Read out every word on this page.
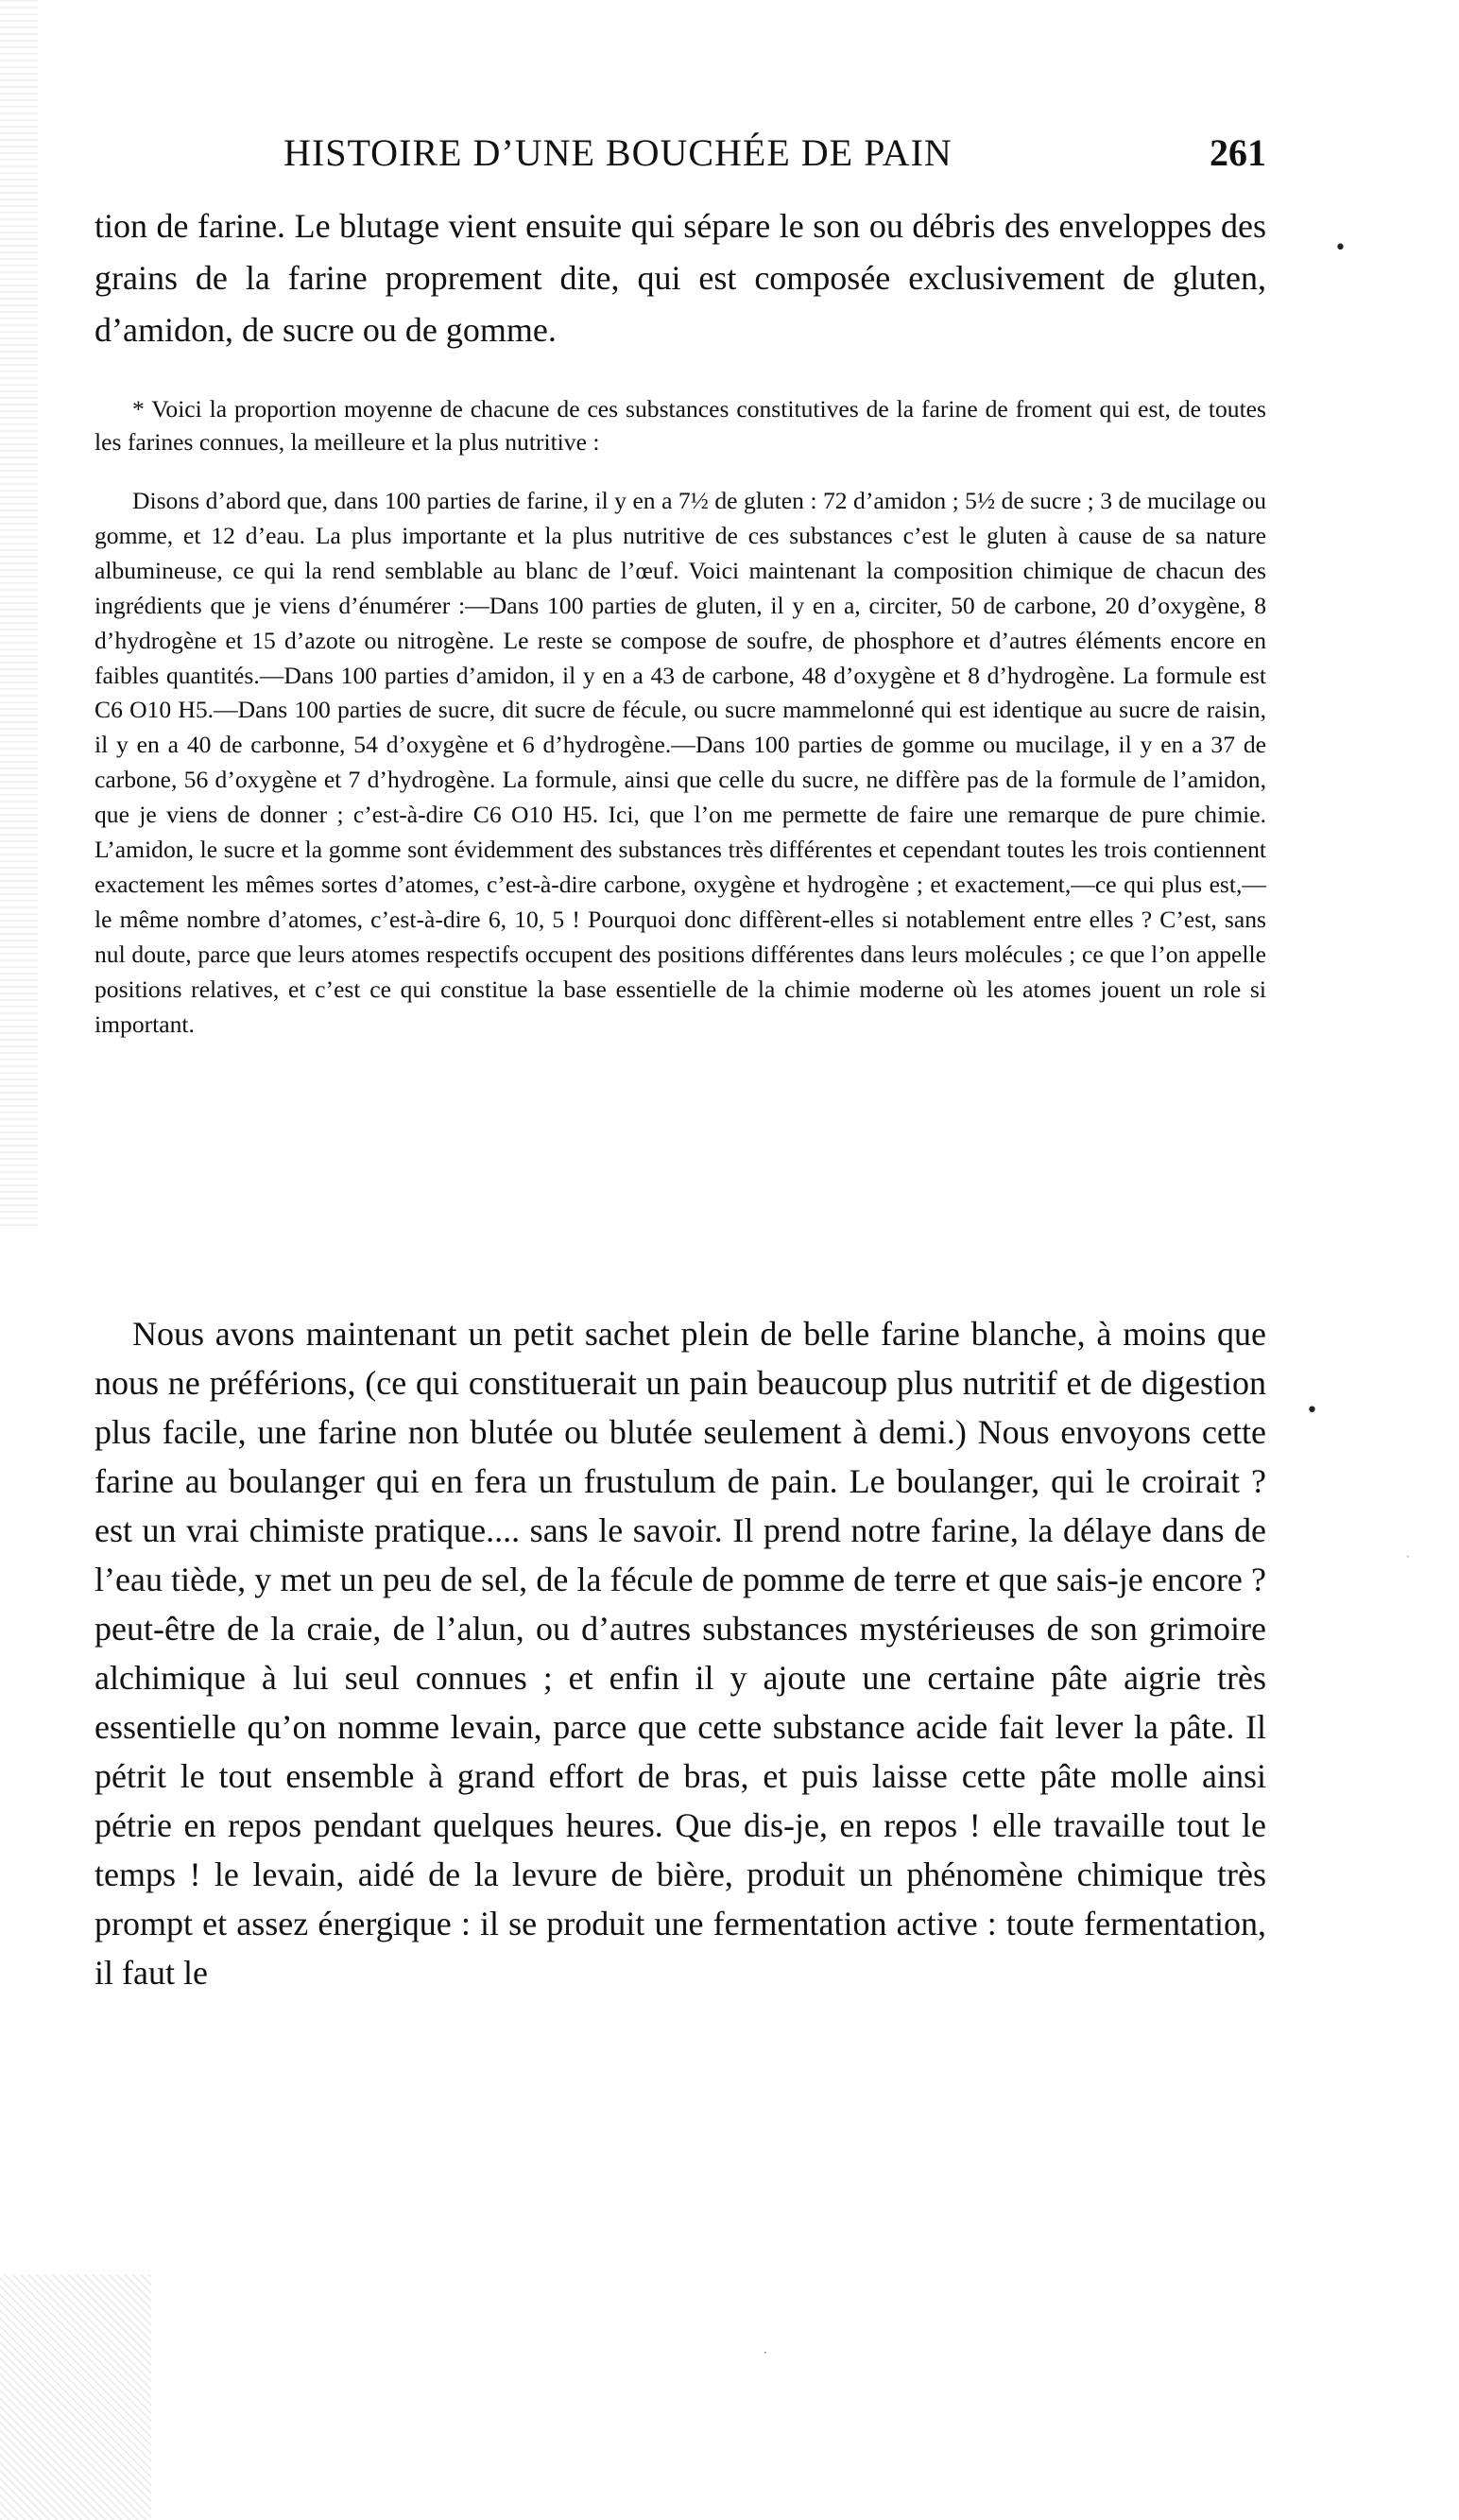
HISTOIRE D’UNE BOUCHÉE DE PAIN	261

tion de farine. Le blutage vient ensuite qui sépare le son ou débris des enveloppes des grains de la farine proprement dite, qui est composée exclusivement de gluten, d’amidon, de sucre ou de gomme.

* Voici la proportion moyenne de chacune de ces substances constitutives de la farine de froment qui est, de toutes les farines connues, la meilleure et la plus nutritive :

Disons d’abord que, dans 100 parties de farine, il y en a 7½ de gluten : 72 d’amidon ; 5½ de sucre ; 3 de mucilage ou gomme, et 12 d’eau. La plus importante et la plus nutritive de ces substances c’est le gluten à cause de sa nature albumineuse, ce qui la rend semblable au blanc de l’œuf. Voici maintenant la composition chimique de chacun des ingrédients que je viens d’énumérer :—Dans 100 parties de gluten, il y en a, circiter, 50 de carbone, 20 d’oxygène, 8 d’hydrogène et 15 d’azote ou nitrogène. Le reste se compose de soufre, de phosphore et d’autres éléments encore en faibles quantités.—Dans 100 parties d’amidon, il y en a 43 de carbone, 48 d’oxygène et 8 d’hydrogène. La formule est C6 O10 H5.—Dans 100 parties de sucre, dit sucre de fécule, ou sucre mammelonné qui est identique au sucre de raisin, il y en a 40 de carbonne, 54 d’oxygène et 6 d’hydrogène.—Dans 100 parties de gomme ou mucilage, il y en a 37 de carbone, 56 d’oxygène et 7 d’hydrogène. La formule, ainsi que celle du sucre, ne diffère pas de la formule de l’amidon, que je viens de donner ; c’est-à-dire C6 O10 H5. Ici, que l’on me permette de faire une remarque de pure chimie. L’amidon, le sucre et la gomme sont évidemment des substances très différentes et cependant toutes les trois contiennent exactement les mêmes sortes d’atomes, c’est-à-dire carbone, oxygène et hydrogène ; et exactement,—ce qui plus est,—le même nombre d’atomes, c’est-à-dire 6, 10, 5 ! Pourquoi donc diffèrent-elles si notablement entre elles ? C’est, sans nul doute, parce que leurs atomes respectifs occupent des positions différentes dans leurs molécules ; ce que l’on appelle positions relatives, et c’est ce qui constitue la base essentielle de la chimie moderne où les atomes jouent un role si important.

Nous avons maintenant un petit sachet plein de belle farine blanche, à moins que nous ne préférions, (ce qui constituerait un pain beaucoup plus nutritif et de digestion plus facile, une farine non blutée ou blutée seulement à demi.) Nous envoyons cette farine au boulanger qui en fera un frustulum de pain. Le boulanger, qui le croirait ? est un vrai chimiste pratique.... sans le savoir. Il prend notre farine, la délaye dans de l’eau tiède, y met un peu de sel, de la fécule de pomme de terre et que sais-je encore ? peut-être de la craie, de l’alun, ou d’autres substances mystérieuses de son grimoire alchimique à lui seul connues ; et enfin il y ajoute une certaine pâte aigrie très essentielle qu’on nomme levain, parce que cette substance acide fait lever la pâte. Il pétrit le tout ensemble à grand effort de bras, et puis laisse cette pâte molle ainsi pétrie en repos pendant quelques heures. Que dis-je, en repos ! elle travaille tout le temps ! le levain, aidé de la levure de bière, produit un phénomène chimique très prompt et assez énergique : il se produit une fermentation active : toute fermentation, il faut le

•
•
·
·
